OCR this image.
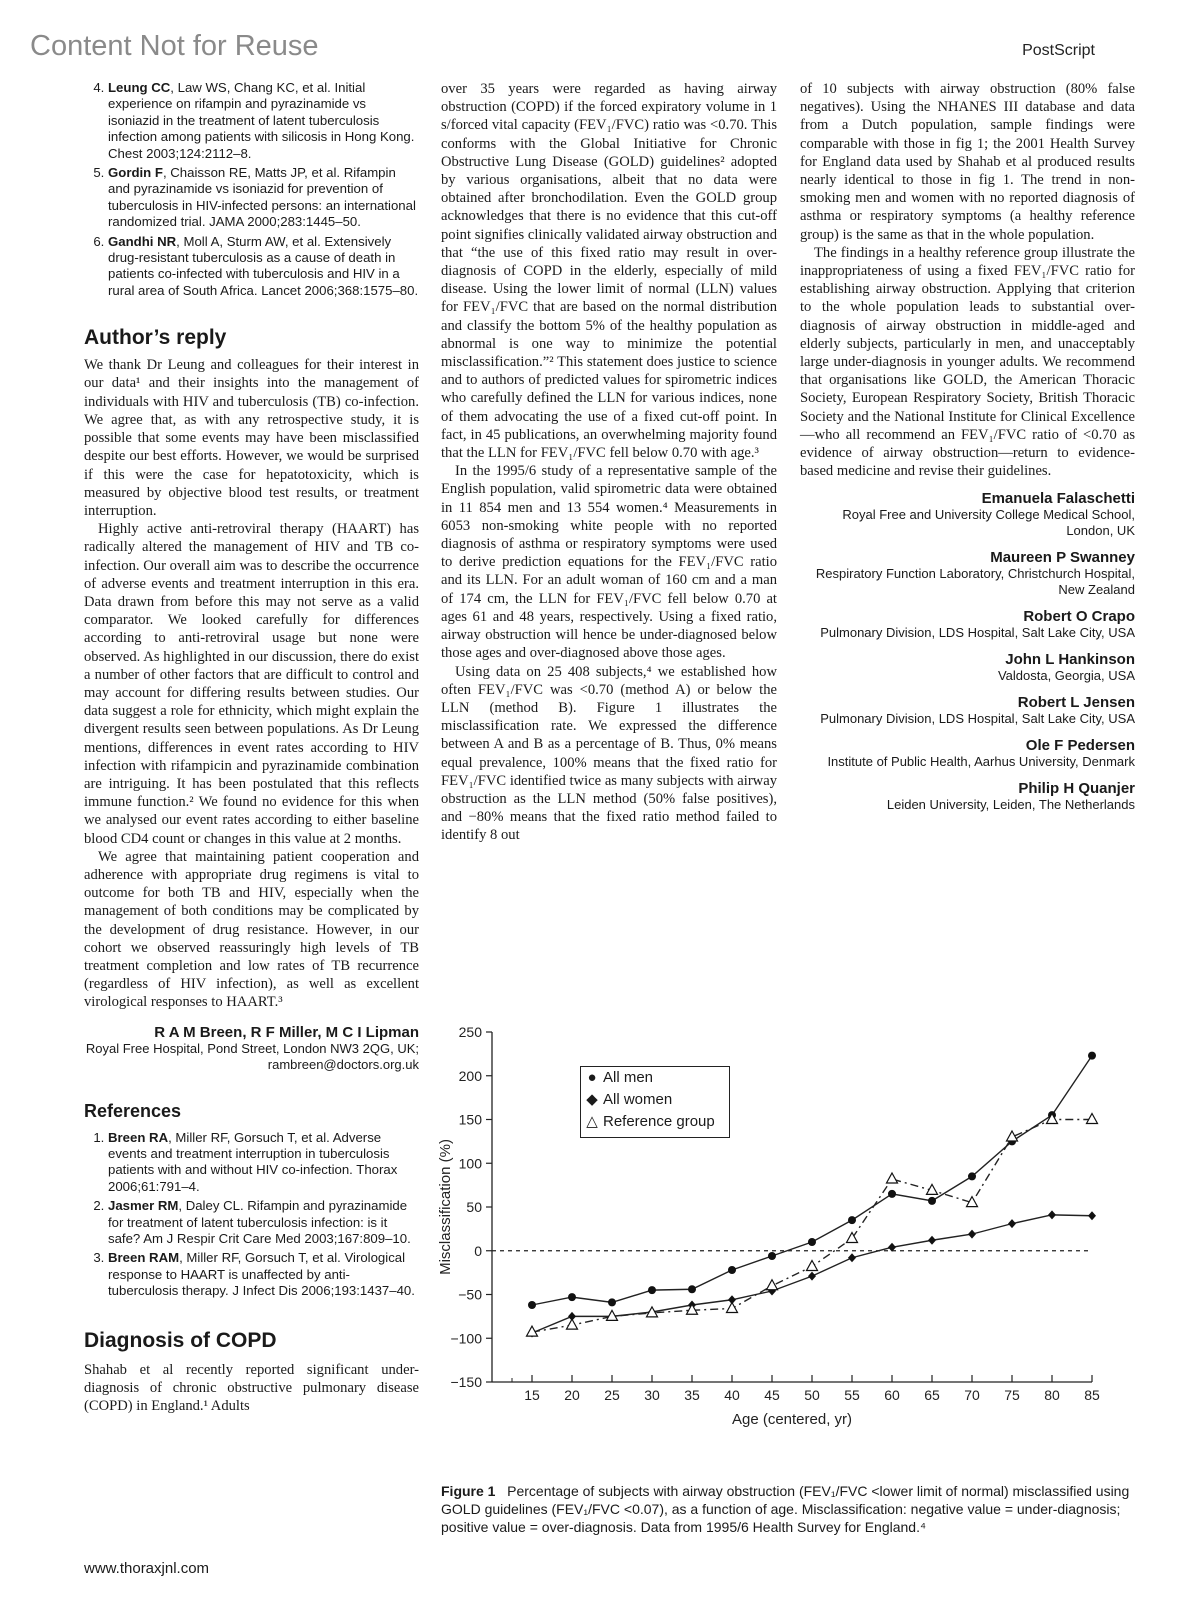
Content Not for Reuse	PostScript
4. Leung CC, Law WS, Chang KC, et al. Initial experience on rifampin and pyrazinamide vs isoniazid in the treatment of latent tuberculosis infection among patients with silicosis in Hong Kong. Chest 2003;124:2112–8.
5. Gordin F, Chaisson RE, Matts JP, et al. Rifampin and pyrazinamide vs isoniazid for prevention of tuberculosis in HIV-infected persons: an international randomized trial. JAMA 2000;283:1445–50.
6. Gandhi NR, Moll A, Sturm AW, et al. Extensively drug-resistant tuberculosis as a cause of death in patients co-infected with tuberculosis and HIV in a rural area of South Africa. Lancet 2006;368:1575–80.
Author’s reply

We thank Dr Leung and colleagues for their interest in our data¹ and their insights into the management of individuals with HIV and tuberculosis (TB) co-infection. We agree that, as with any retrospective study, it is possible that some events may have been misclassified despite our best efforts. However, we would be surprised if this were the case for hepatotoxicity, which is measured by objective blood test results, or treatment interruption.

Highly active anti-retroviral therapy (HAART) has radically altered the management of HIV and TB co-infection. Our overall aim was to describe the occurrence of adverse events and treatment interruption in this era. Data drawn from before this may not serve as a valid comparator. We looked carefully for differences according to anti-retroviral usage but none were observed. As highlighted in our discussion, there do exist a number of other factors that are difficult to control and may account for differing results between studies. Our data suggest a role for ethnicity, which might explain the divergent results seen between populations. As Dr Leung mentions, differences in event rates according to HIV infection with rifampicin and pyrazinamide combination are intriguing. It has been postulated that this reflects immune function.² We found no evidence for this when we analysed our event rates according to either baseline blood CD4 count or changes in this value at 2 months.

We agree that maintaining patient cooperation and adherence with appropriate drug regimens is vital to outcome for both TB and HIV, especially when the management of both conditions may be complicated by the development of drug resistance. However, in our cohort we observed reassuringly high levels of TB treatment completion and low rates of TB recurrence (regardless of HIV infection), as well as excellent virological responses to HAART.³

R A M Breen, R F Miller, M C I Lipman
Royal Free Hospital, Pond Street, London NW3 2QG, UK; rambreen@doctors.org.uk
References
1. Breen RA, Miller RF, Gorsuch T, et al. Adverse events and treatment interruption in tuberculosis patients with and without HIV co-infection. Thorax 2006;61:791–4.
2. Jasmer RM, Daley CL. Rifampin and pyrazinamide for treatment of latent tuberculosis infection: is it safe? Am J Respir Crit Care Med 2003;167:809–10.
3. Breen RAM, Miller RF, Gorsuch T, et al. Virological response to HAART is unaffected by anti-tuberculosis therapy. J Infect Dis 2006;193:1437–40.
Diagnosis of COPD

Shahab et al recently reported significant under-diagnosis of chronic obstructive pulmonary disease (COPD) in England.¹ Adults

over 35 years were regarded as having airway obstruction (COPD) if the forced expiratory volume in 1 s/forced vital capacity (FEV₁/FVC) ratio was <0.70. This conforms with the Global Initiative for Chronic Obstructive Lung Disease (GOLD) guidelines² adopted by various organisations, albeit that no data were obtained after bronchodilation. Even the GOLD group acknowledges that there is no evidence that this cut-off point signifies clinically validated airway obstruction and that “the use of this fixed ratio may result in over-diagnosis of COPD in the elderly, especially of mild disease. Using the lower limit of normal (LLN) values for FEV₁/FVC that are based on the normal distribution and classify the bottom 5% of the healthy population as abnormal is one way to minimize the potential misclassification.”² This statement does justice to science and to authors of predicted values for spirometric indices who carefully defined the LLN for various indices, none of them advocating the use of a fixed cut-off point. In fact, in 45 publications, an overwhelming majority found that the LLN for FEV₁/FVC fell below 0.70 with age.³

In the 1995/6 study of a representative sample of the English population, valid spirometric data were obtained in 11 854 men and 13 554 women.⁴ Measurements in 6053 non-smoking white people with no reported diagnosis of asthma or respiratory symptoms were used to derive prediction equations for the FEV₁/FVC ratio and its LLN. For an adult woman of 160 cm and a man of 174 cm, the LLN for FEV₁/FVC fell below 0.70 at ages 61 and 48 years, respectively. Using a fixed ratio, airway obstruction will hence be under-diagnosed below those ages and over-diagnosed above those ages.

Using data on 25 408 subjects,⁴ we established how often FEV₁/FVC was <0.70 (method A) or below the LLN (method B). Figure 1 illustrates the misclassification rate. We expressed the difference between A and B as a percentage of B. Thus, 0% means equal prevalence, 100% means that the fixed ratio for FEV₁/FVC identified twice as many subjects with airway obstruction as the LLN method (50% false positives), and −80% means that the fixed ratio method failed to identify 8 out

of 10 subjects with airway obstruction (80% false negatives). Using the NHANES III database and data from a Dutch population, sample findings were comparable with those in fig 1; the 2001 Health Survey for England data used by Shahab et al produced results nearly identical to those in fig 1. The trend in non-smoking men and women with no reported diagnosis of asthma or respiratory symptoms (a healthy reference group) is the same as that in the whole population.

The findings in a healthy reference group illustrate the inappropriateness of using a fixed FEV₁/FVC ratio for establishing airway obstruction. Applying that criterion to the whole population leads to substantial over-diagnosis of airway obstruction in middle-aged and elderly subjects, particularly in men, and unacceptably large under-diagnosis in younger adults. We recommend that organisations like GOLD, the American Thoracic Society, European Respiratory Society, British Thoracic Society and the National Institute for Clinical Excellence—who all recommend an FEV₁/FVC ratio of <0.70 as evidence of airway obstruction—return to evidence-based medicine and revise their guidelines.

Emanuela Falaschetti
Royal Free and University College Medical School, London, UK
Maureen P Swanney
Respiratory Function Laboratory, Christchurch Hospital, New Zealand
Robert O Crapo
Pulmonary Division, LDS Hospital, Salt Lake City, USA
John L Hankinson
Valdosta, Georgia, USA
Robert L Jensen
Pulmonary Division, LDS Hospital, Salt Lake City, USA
Ole F Pedersen
Institute of Public Health, Aarhus University, Denmark
Philip H Quanjer
Leiden University, Leiden, The Netherlands
−150
−100
−50
0
50
100
150
200
250
15 20 25 30 35 40 45 50 55 60 65 70 75 80 85
Age (centered, yr)
Misclassification (%)
● All men
◆ All women
△ Reference group
Figure 1 Percentage of subjects with airway obstruction (FEV₁/FVC <lower limit of normal) misclassified using GOLD guidelines (FEV₁/FVC <0.07), as a function of age. Misclassification: negative value = under-diagnosis; positive value = over-diagnosis. Data from 1995/6 Health Survey for England.⁴
www.thoraxjnl.com
